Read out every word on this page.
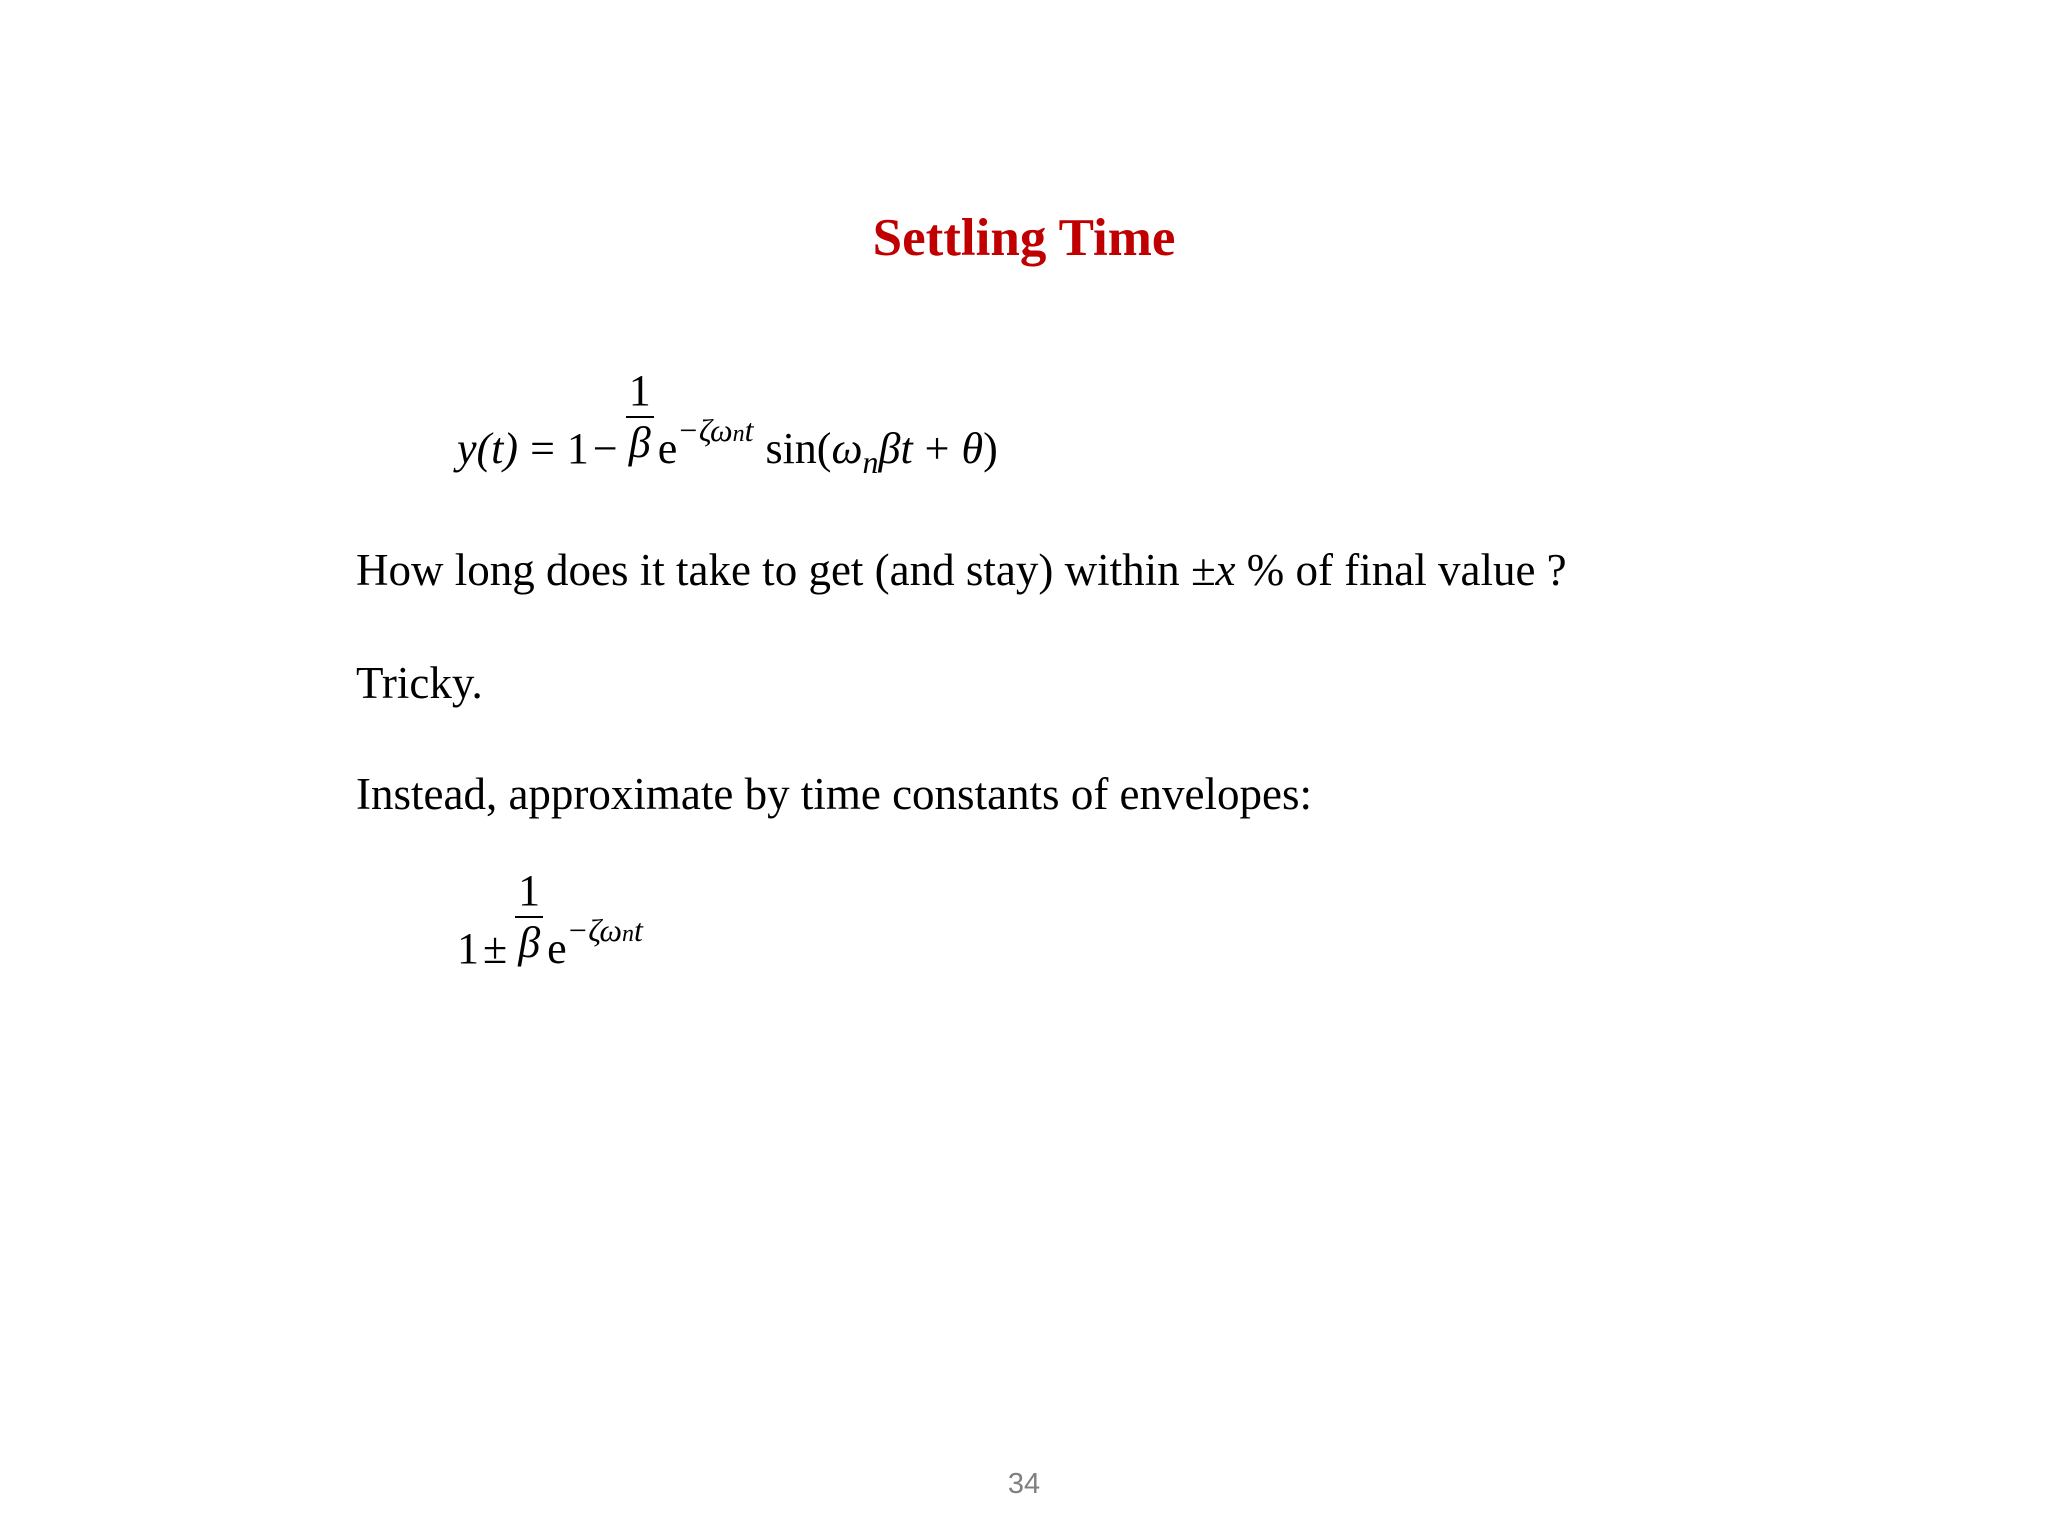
Settling Time
$y(t) = 1- \frac{1}{\beta} e-\zeta\omega nt$ sin(ωnβt + θ)
How long does it take to get (and stay) within ±x % of final value ?
Tricky.
Instead, approximate by time constants of envelopes:
$1\pm \frac{1}{\beta} e-\zeta\omega nt$
34
